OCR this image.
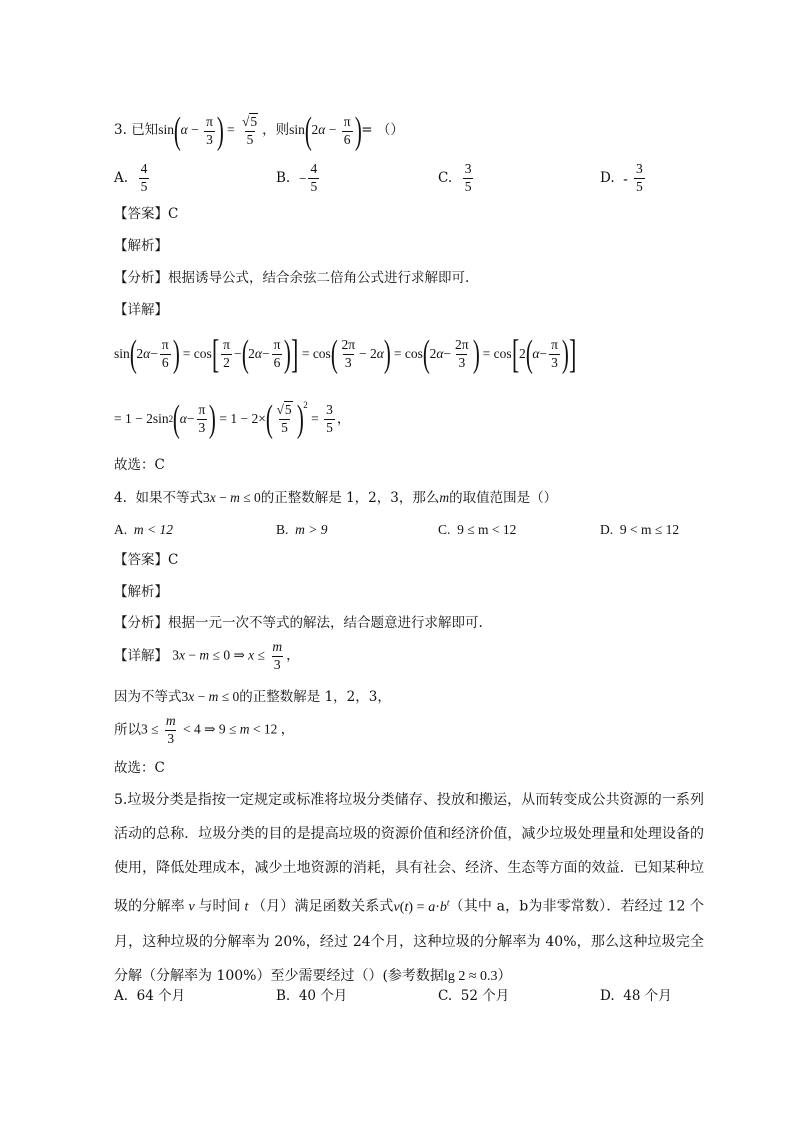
3.
已知 $\sin(\alpha - \frac{\pi}{3}$ ) = $\frac{√5}{5}$ ，则 $\sin(2\alpha - \frac{\pi}{6}$ ) = （）
A.
$\frac{4}{5}$	B.
− $\frac{4}{5}$	C.
$\frac{3}{5}$	D.
-
$\frac{3}{5}$
【答案】C
【解析】
【分析】根据诱导公式，结合余弦二倍角公式进行求解即可.
【详解】
sin ( 2 $\alpha - \frac{\pi}{6}$ ) = cos [ $\frac{\pi}{2}$ − ( 2 $\alpha - \frac{\pi}{6}$ ) ] = cos ( $\frac{2\pi}{3} - 2$ α ) = cos ( 2 $\alpha - \frac{2\pi}{3}$ ) = cos [ 2 ( $\alpha - \frac{\pi}{3}$ ) ]
= 1 − 2sin 2 ( $\alpha - \frac{\pi}{3}$ ) = 1 − 2× ( $\frac{√5}{5} )^2$
= $\frac{3}{5}$ ，
故选：C
4. 如果不等式3x − m ≤ 0的正整数解是 1，2，3，那么m的取值范围是（）
A. m < 12	B. m > 9	C. 9 ≤ m < 12	D. 9 < m ≤ 12
【答案】C
【解析】
【分析】根据一元一次不等式的解法，结合题意进行求解即可.
【详解】
3x − m ≤ 0 ⇒ $x \le \frac{m}{3}$ ，
因为不等式3x − m ≤ 0的正整数解是 1，2，3，
所以 $3 \le \frac{m}{3} < 4$ ⇒ 9 ≤ m < 12 ，
故选：C
5.垃圾分类是指按一定规定或标准将垃圾分类储存、投放和搬运，从而转变成公共资源的一系列活动的总称．垃圾分类的目的是提高垃圾的资源价值和经济价值，减少垃圾处理量和处理设备的使用，降低处理成本，减少土地资源的消耗，具有社会、经济、生态等方面的效益．已知某种垃圾的分解率 v 与时间 t （月）满足函数关系式$v(t) = a\cdot b^t$（其中 a，b为非零常数）．若经过 12 个月，这种垃圾的分解率为 20%，经过 24个月，这种垃圾的分解率为 40%，那么这种垃圾完全分解（分解率为 100%）至少需要经过（）(参考数据lg 2 ≈ 0.3）
A. 64 个月	B. 40 个月	C. 52 个月	D. 48 个月
